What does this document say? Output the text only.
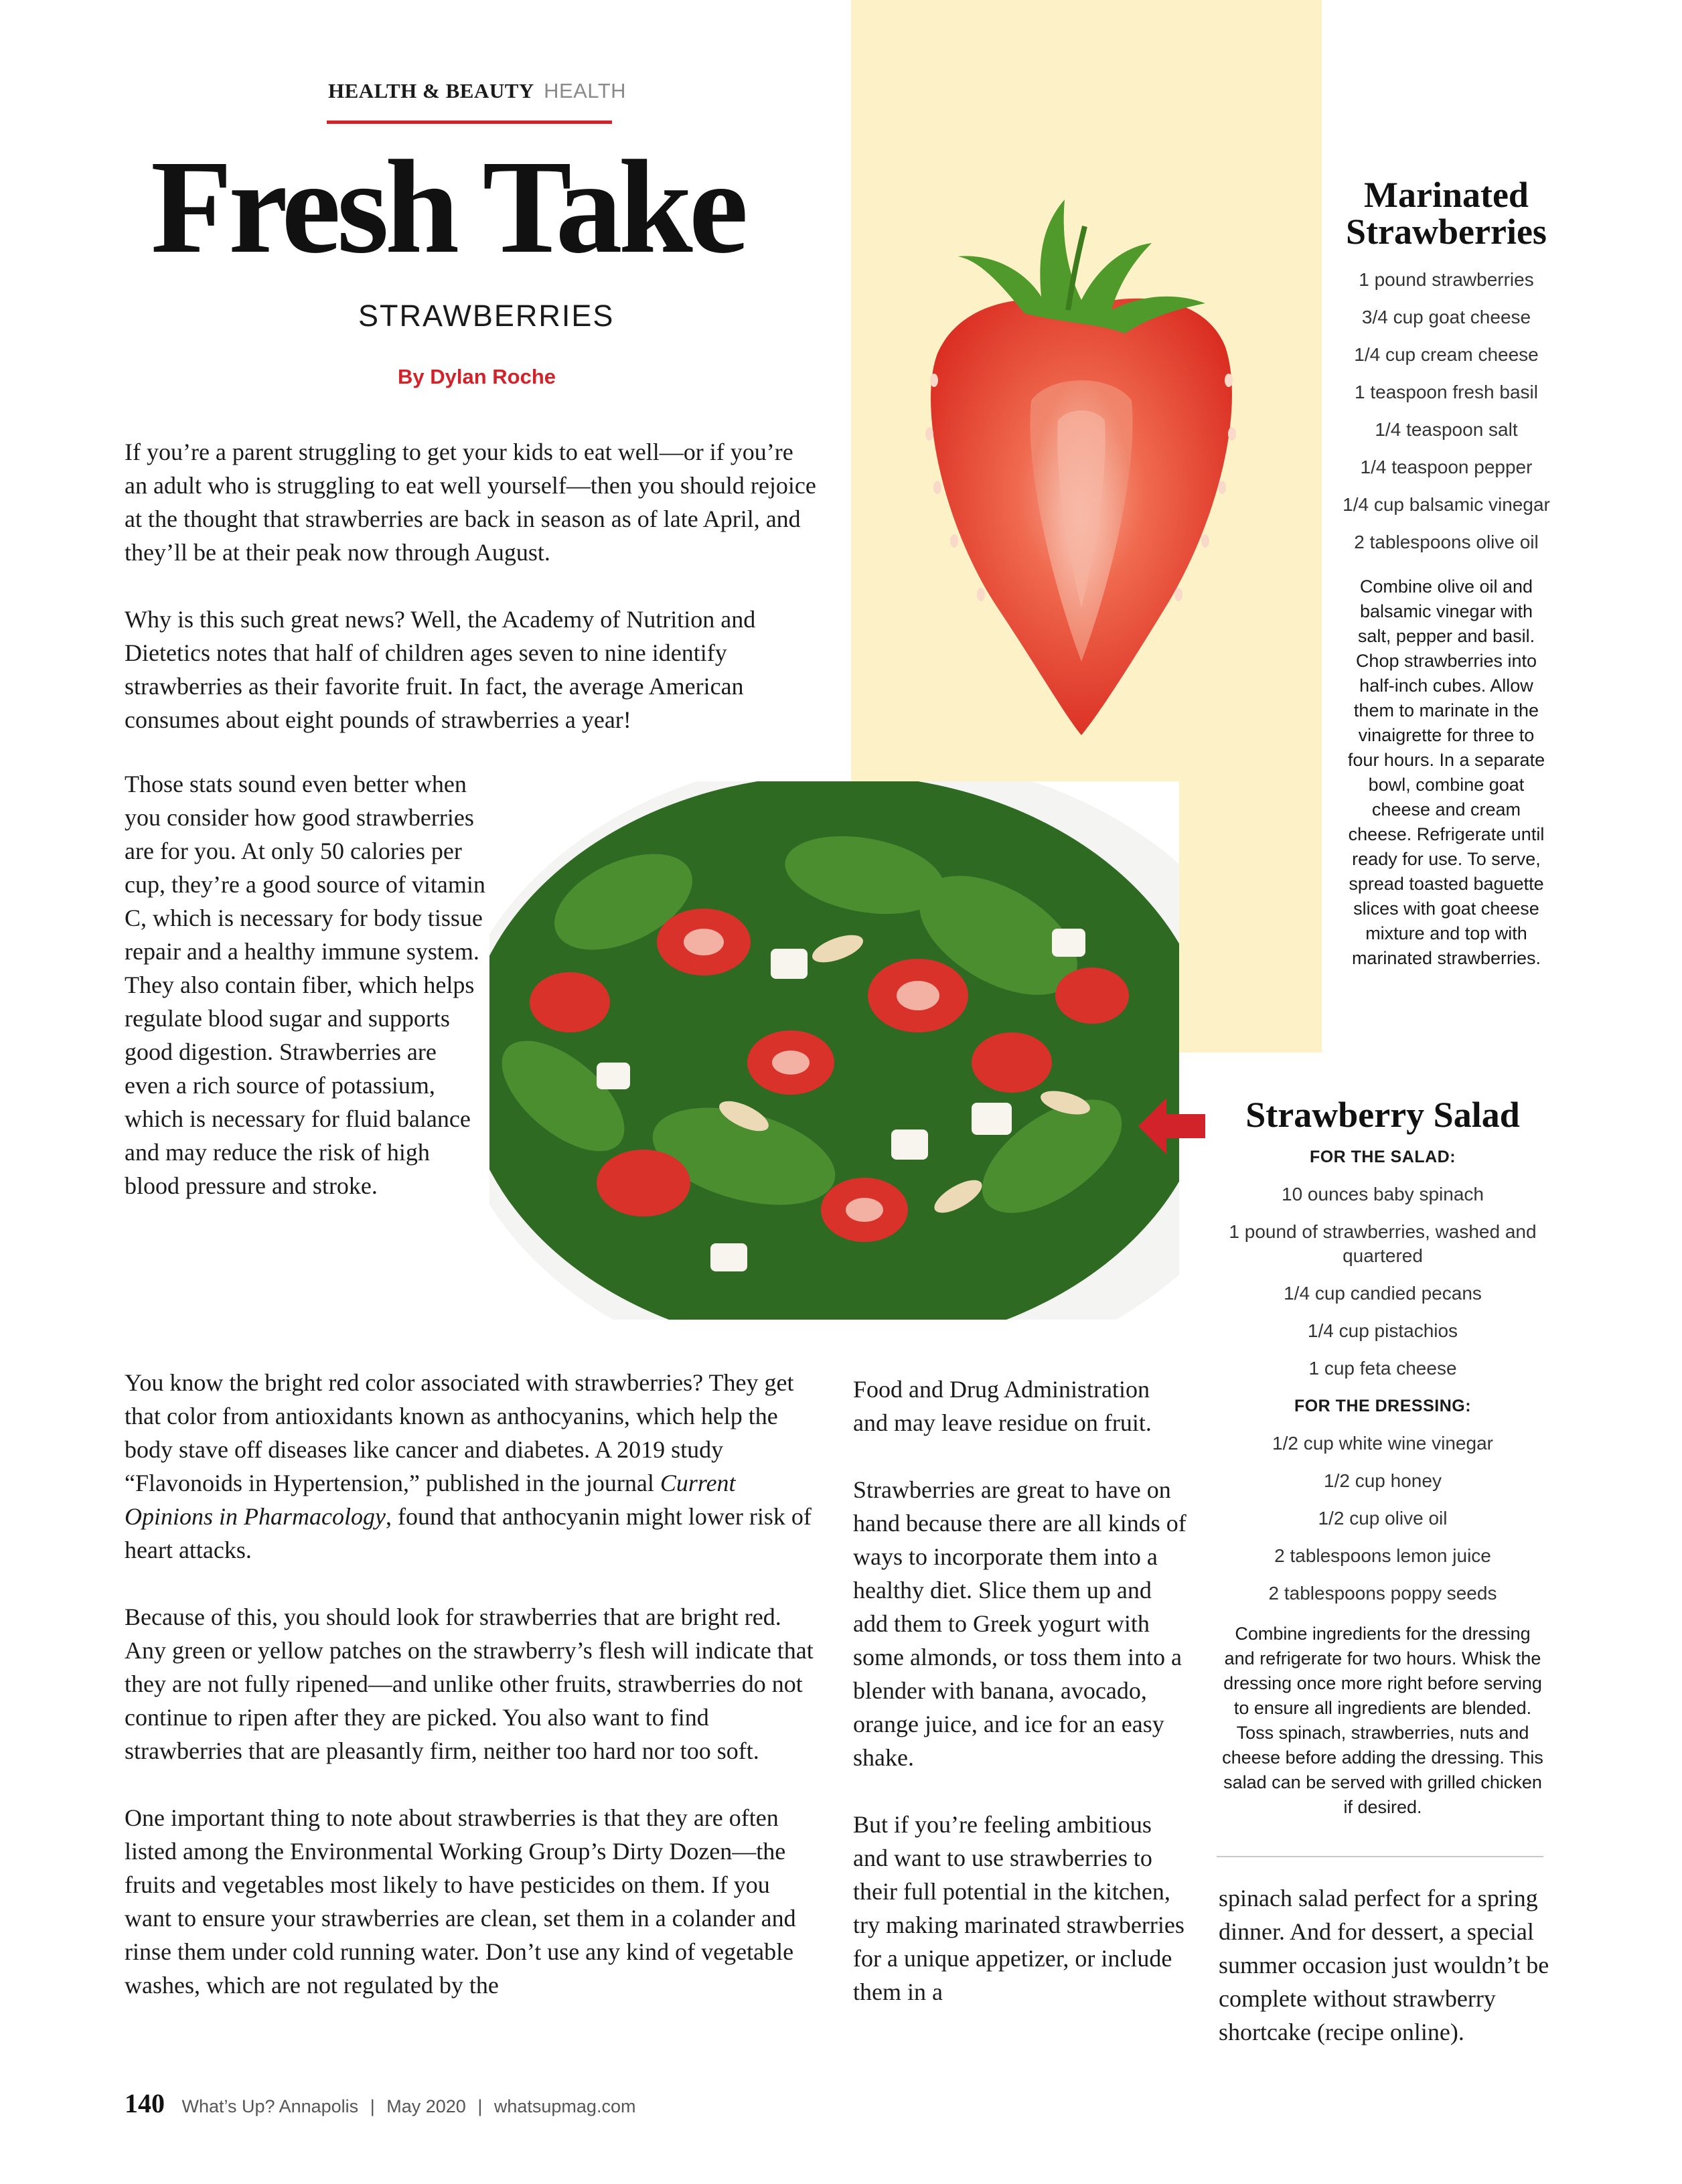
HEALTH & BEAUTY HEALTH
Fresh Take
STRAWBERRIES
By Dylan Roche

If you’re a parent struggling to get your kids to eat well—or if you’re an adult who is struggling to eat well yourself—then you should rejoice at the thought that strawberries are back in season as of late April, and they’ll be at their peak now through August.

Why is this such great news? Well, the Academy of Nutrition and Dietetics notes that half of children ages seven to nine identify strawberries as their favorite fruit. In fact, the average American consumes about eight pounds of strawberries a year!

Those stats sound even better when you consider how good strawberries are for you. At only 50 calories per cup, they’re a good source of vitamin C, which is necessary for body tissue repair and a healthy immune system. They also contain fiber, which helps regulate blood sugar and supports good digestion. Strawberries are even a rich source of potassium, which is necessary for fluid balance and may reduce the risk of high blood pressure and stroke.

You know the bright red color associated with strawberries? They get that color from antioxidants known as anthocyanins, which help the body stave off diseases like cancer and diabetes. A 2019 study “Flavonoids in Hypertension,” published in the journal Current Opinions in Pharmacology, found that anthocyanin might lower risk of heart attacks.

Because of this, you should look for strawberries that are bright red. Any green or yellow patches on the strawberry’s flesh will indicate that they are not fully ripened—and unlike other fruits, strawberries do not continue to ripen after they are picked. You also want to find strawberries that are pleasantly firm, neither too hard nor too soft.

One important thing to note about strawberries is that they are often listed among the Environmental Working Group’s Dirty Dozen—the fruits and vegetables most likely to have pesticides on them. If you want to ensure your strawberries are clean, set them in a colander and rinse them under cold running water. Don’t use any kind of vegetable washes, which are not regulated by the

Food and Drug Administration and may leave residue on fruit.

Strawberries are great to have on hand because there are all kinds of ways to incorporate them into a healthy diet. Slice them up and add them to Greek yogurt with some almonds, or toss them into a blender with banana, avocado, orange juice, and ice for an easy shake.

But if you’re feeling ambitious and want to use strawberries to their full potential in the kitchen, try making marinated strawberries for a unique appetizer, or include them in a

spinach salad perfect for a spring dinner. And for dessert, a special summer occasion just wouldn’t be complete without strawberry shortcake (recipe online).

Marinated Strawberries
1 pound strawberries
3/4 cup goat cheese
1/4 cup cream cheese
1 teaspoon fresh basil
1/4 teaspoon salt
1/4 teaspoon pepper
1/4 cup balsamic vinegar
2 tablespoons olive oil
Combine olive oil and balsamic vinegar with salt, pepper and basil. Chop strawberries into half-inch cubes. Allow them to marinate in the vinaigrette for three to four hours. In a separate bowl, combine goat cheese and cream cheese. Refrigerate until ready for use. To serve, spread toasted baguette slices with goat cheese mixture and top with marinated strawberries.
Strawberry Salad
FOR THE SALAD:
10 ounces baby spinach
1 pound of strawberries, washed and quartered
1/4 cup candied pecans
1/4 cup pistachios
1 cup feta cheese
FOR THE DRESSING:
1/2 cup white wine vinegar
1/2 cup honey
1/2 cup olive oil
2 tablespoons lemon juice
2 tablespoons poppy seeds
Combine ingredients for the dressing and refrigerate for two hours. Whisk the dressing once more right before serving to ensure all ingredients are blended. Toss spinach, strawberries, nuts and cheese before adding the dressing. This salad can be served with grilled chicken if desired.
140 What’s Up? Annapolis | May 2020 | whatsupmag.com
